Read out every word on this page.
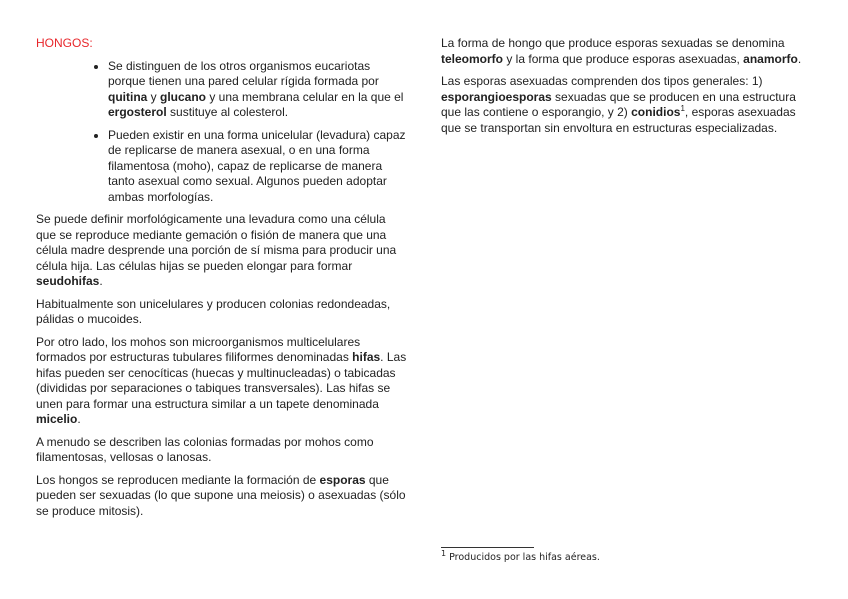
HONGOS:

• Se distinguen de los otros organismos eucariotas porque tienen una pared celular rígida formada por quitina y glucano y una membrana celular en la que el ergosterol sustituye al colesterol.
• Pueden existir en una forma unicelular (levadura) capaz de replicarse de manera asexual, o en una forma filamentosa (moho), capaz de replicarse de manera tanto asexual como sexual. Algunos pueden adoptar ambas morfologías.

Se puede definir morfológicamente una levadura como una célula que se reproduce mediante gemación o fisión de manera que una célula madre desprende una porción de sí misma para producir una célula hija. Las células hijas se pueden elongar para formar seudohifas.

Habitualmente son unicelulares y producen colonias redondeadas, pálidas o mucoides.

Por otro lado, los mohos son microorganismos multicelulares formados por estructuras tubulares filiformes denominadas hifas. Las hifas pueden ser cenocíticas (huecas y multinucleadas) o tabicadas (divididas por separaciones o tabiques transversales). Las hifas se unen para formar una estructura similar a un tapete denominada micelio.

A menudo se describen las colonias formadas por mohos como filamentosas, vellosas o lanosas.

Los hongos se reproducen mediante la formación de esporas que pueden ser sexuadas (lo que supone una meiosis) o asexuadas (sólo se produce mitosis).

La forma de hongo que produce esporas sexuadas se denomina teleomorfo y la forma que produce esporas asexuadas, anamorfo.

Las esporas asexuadas comprenden dos tipos generales: 1) esporangioesporas sexuadas que se producen en una estructura que las contiene o esporangio, y 2) conidios$^1$, esporas asexuadas que se transportan sin envoltura en estructuras especializadas.

$^1$ Producidos por las hifas aéreas.
